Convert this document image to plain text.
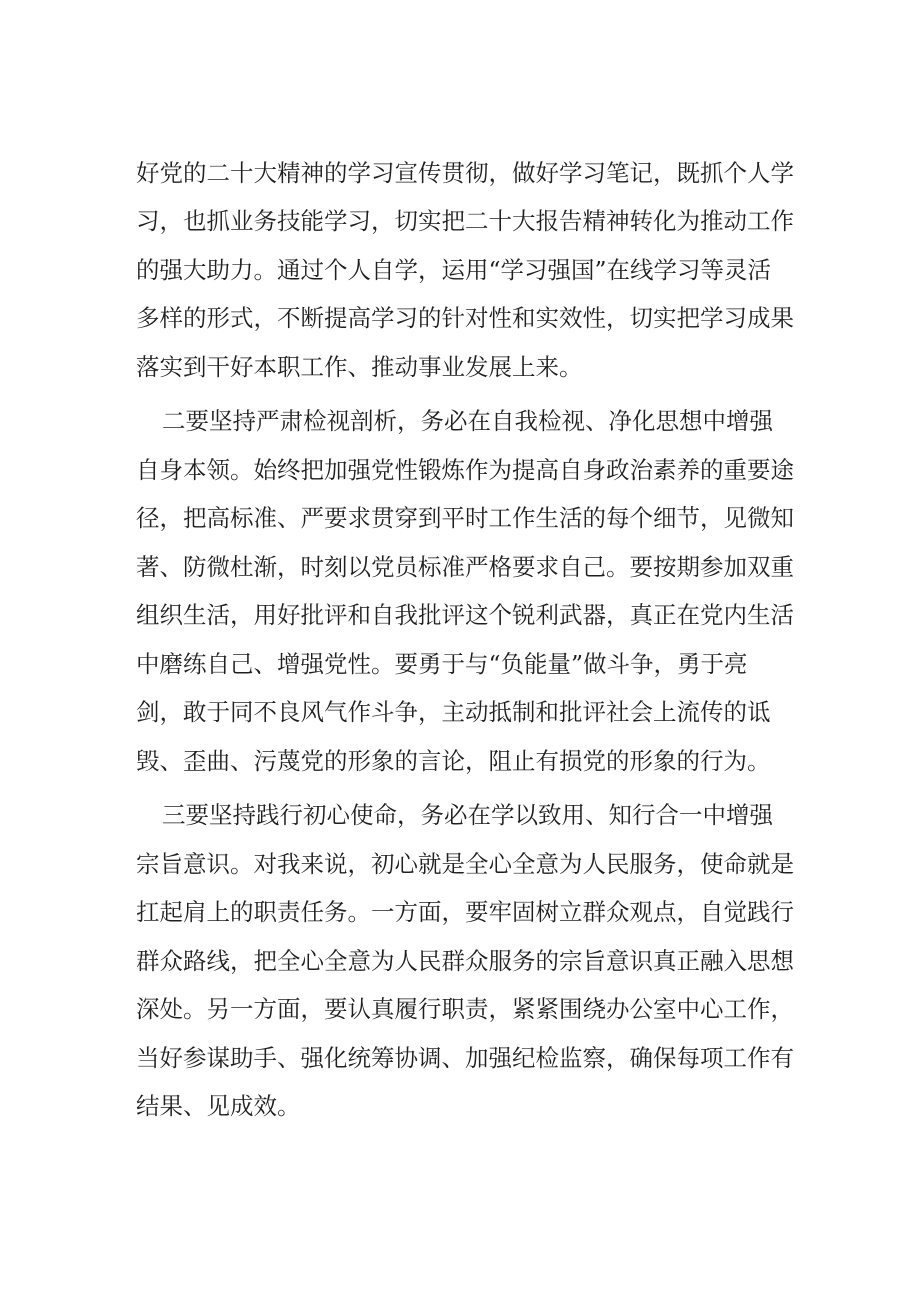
好党的二十大精神的学习宣传贯彻，做好学习笔记，既抓个人学
习，也抓业务技能学习，切实把二十大报告精神转化为推动工作
的强大助力。通过个人自学，运用“学习强国”在线学习等灵活
多样的形式，不断提高学习的针对性和实效性，切实把学习成果
落实到干好本职工作、推动事业发展上来。
二要坚持严肃检视剖析，务必在自我检视、净化思想中增强
自身本领。始终把加强党性锻炼作为提高自身政治素养的重要途
径，把高标准、严要求贯穿到平时工作生活的每个细节，见微知
著、防微杜渐，时刻以党员标准严格要求自己。要按期参加双重
组织生活，用好批评和自我批评这个锐利武器，真正在党内生活
中磨练自己、增强党性。要勇于与“负能量”做斗争，勇于亮
剑，敢于同不良风气作斗争，主动抵制和批评社会上流传的诋
毁、歪曲、污蔑党的形象的言论，阻止有损党的形象的行为。
三要坚持践行初心使命，务必在学以致用、知行合一中增强
宗旨意识。对我来说，初心就是全心全意为人民服务，使命就是
扛起肩上的职责任务。一方面，要牢固树立群众观点，自觉践行
群众路线，把全心全意为人民群众服务的宗旨意识真正融入思想
深处。另一方面，要认真履行职责，紧紧围绕办公室中心工作，
当好参谋助手、强化统筹协调、加强纪检监察，确保每项工作有
结果、见成效。
